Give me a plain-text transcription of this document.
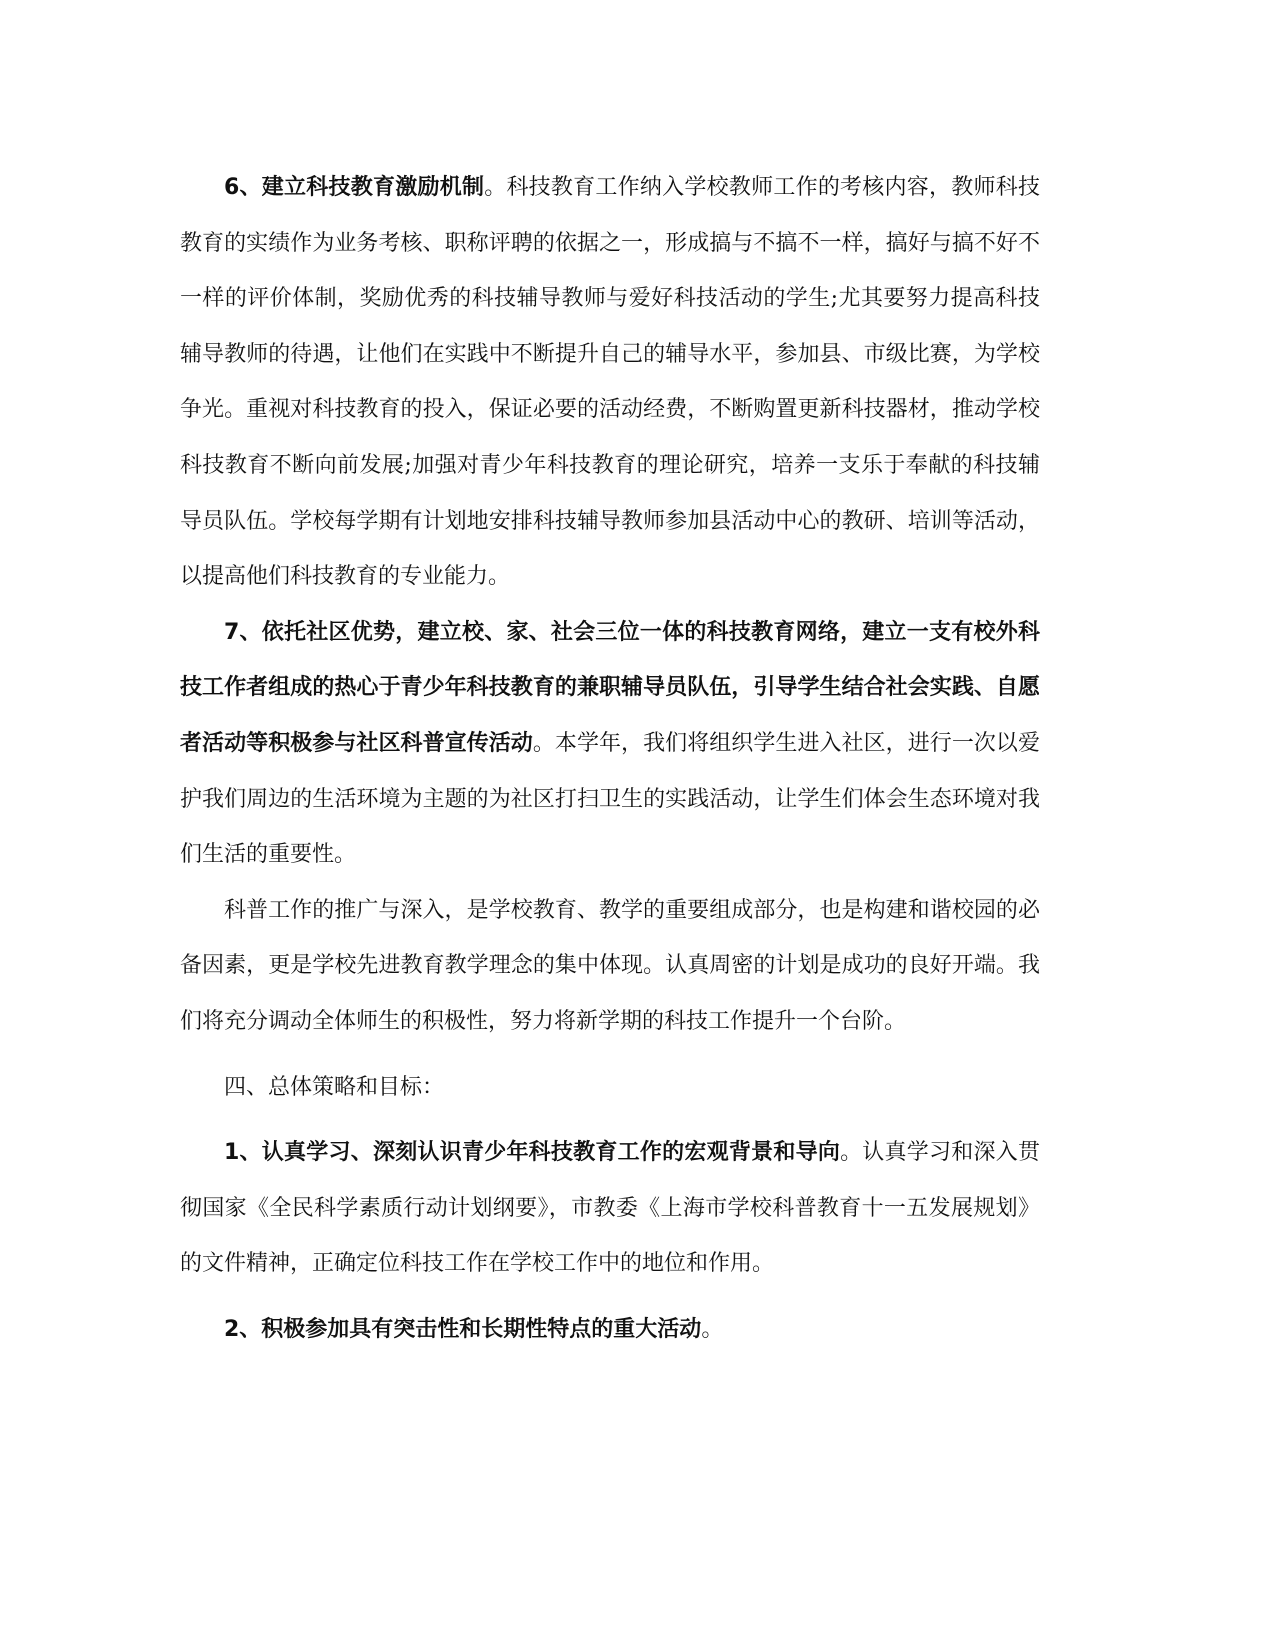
6、建立科技教育激励机制。科技教育工作纳入学校教师工作的考核内容，教师科技教育的实绩作为业务考核、职称评聘的依据之一，形成搞与不搞不一样，搞好与搞不好不一样的评价体制，奖励优秀的科技辅导教师与爱好科技活动的学生;尤其要努力提高科技辅导教师的待遇，让他们在实践中不断提升自己的辅导水平，参加县、市级比赛，为学校争光。重视对科技教育的投入，保证必要的活动经费，不断购置更新科技器材，推动学校科技教育不断向前发展;加强对青少年科技教育的理论研究，培养一支乐于奉献的科技辅导员队伍。学校每学期有计划地安排科技辅导教师参加县活动中心的教研、培训等活动，以提高他们科技教育的专业能力。

7、依托社区优势，建立校、家、社会三位一体的科技教育网络，建立一支有校外科技工作者组成的热心于青少年科技教育的兼职辅导员队伍，引导学生结合社会实践、自愿者活动等积极参与社区科普宣传活动。本学年，我们将组织学生进入社区，进行一次以爱护我们周边的生活环境为主题的为社区打扫卫生的实践活动，让学生们体会生态环境对我们生活的重要性。

科普工作的推广与深入，是学校教育、教学的重要组成部分，也是构建和谐校园的必备因素，更是学校先进教育教学理念的集中体现。认真周密的计划是成功的良好开端。我们将充分调动全体师生的积极性，努力将新学期的科技工作提升一个台阶。

四、总体策略和目标：

1、认真学习、深刻认识青少年科技教育工作的宏观背景和导向。认真学习和深入贯彻国家《全民科学素质行动计划纲要》，市教委《上海市学校科普教育十一五发展规划》的文件精神，正确定位科技工作在学校工作中的地位和作用。

2、积极参加具有突击性和长期性特点的重大活动。
